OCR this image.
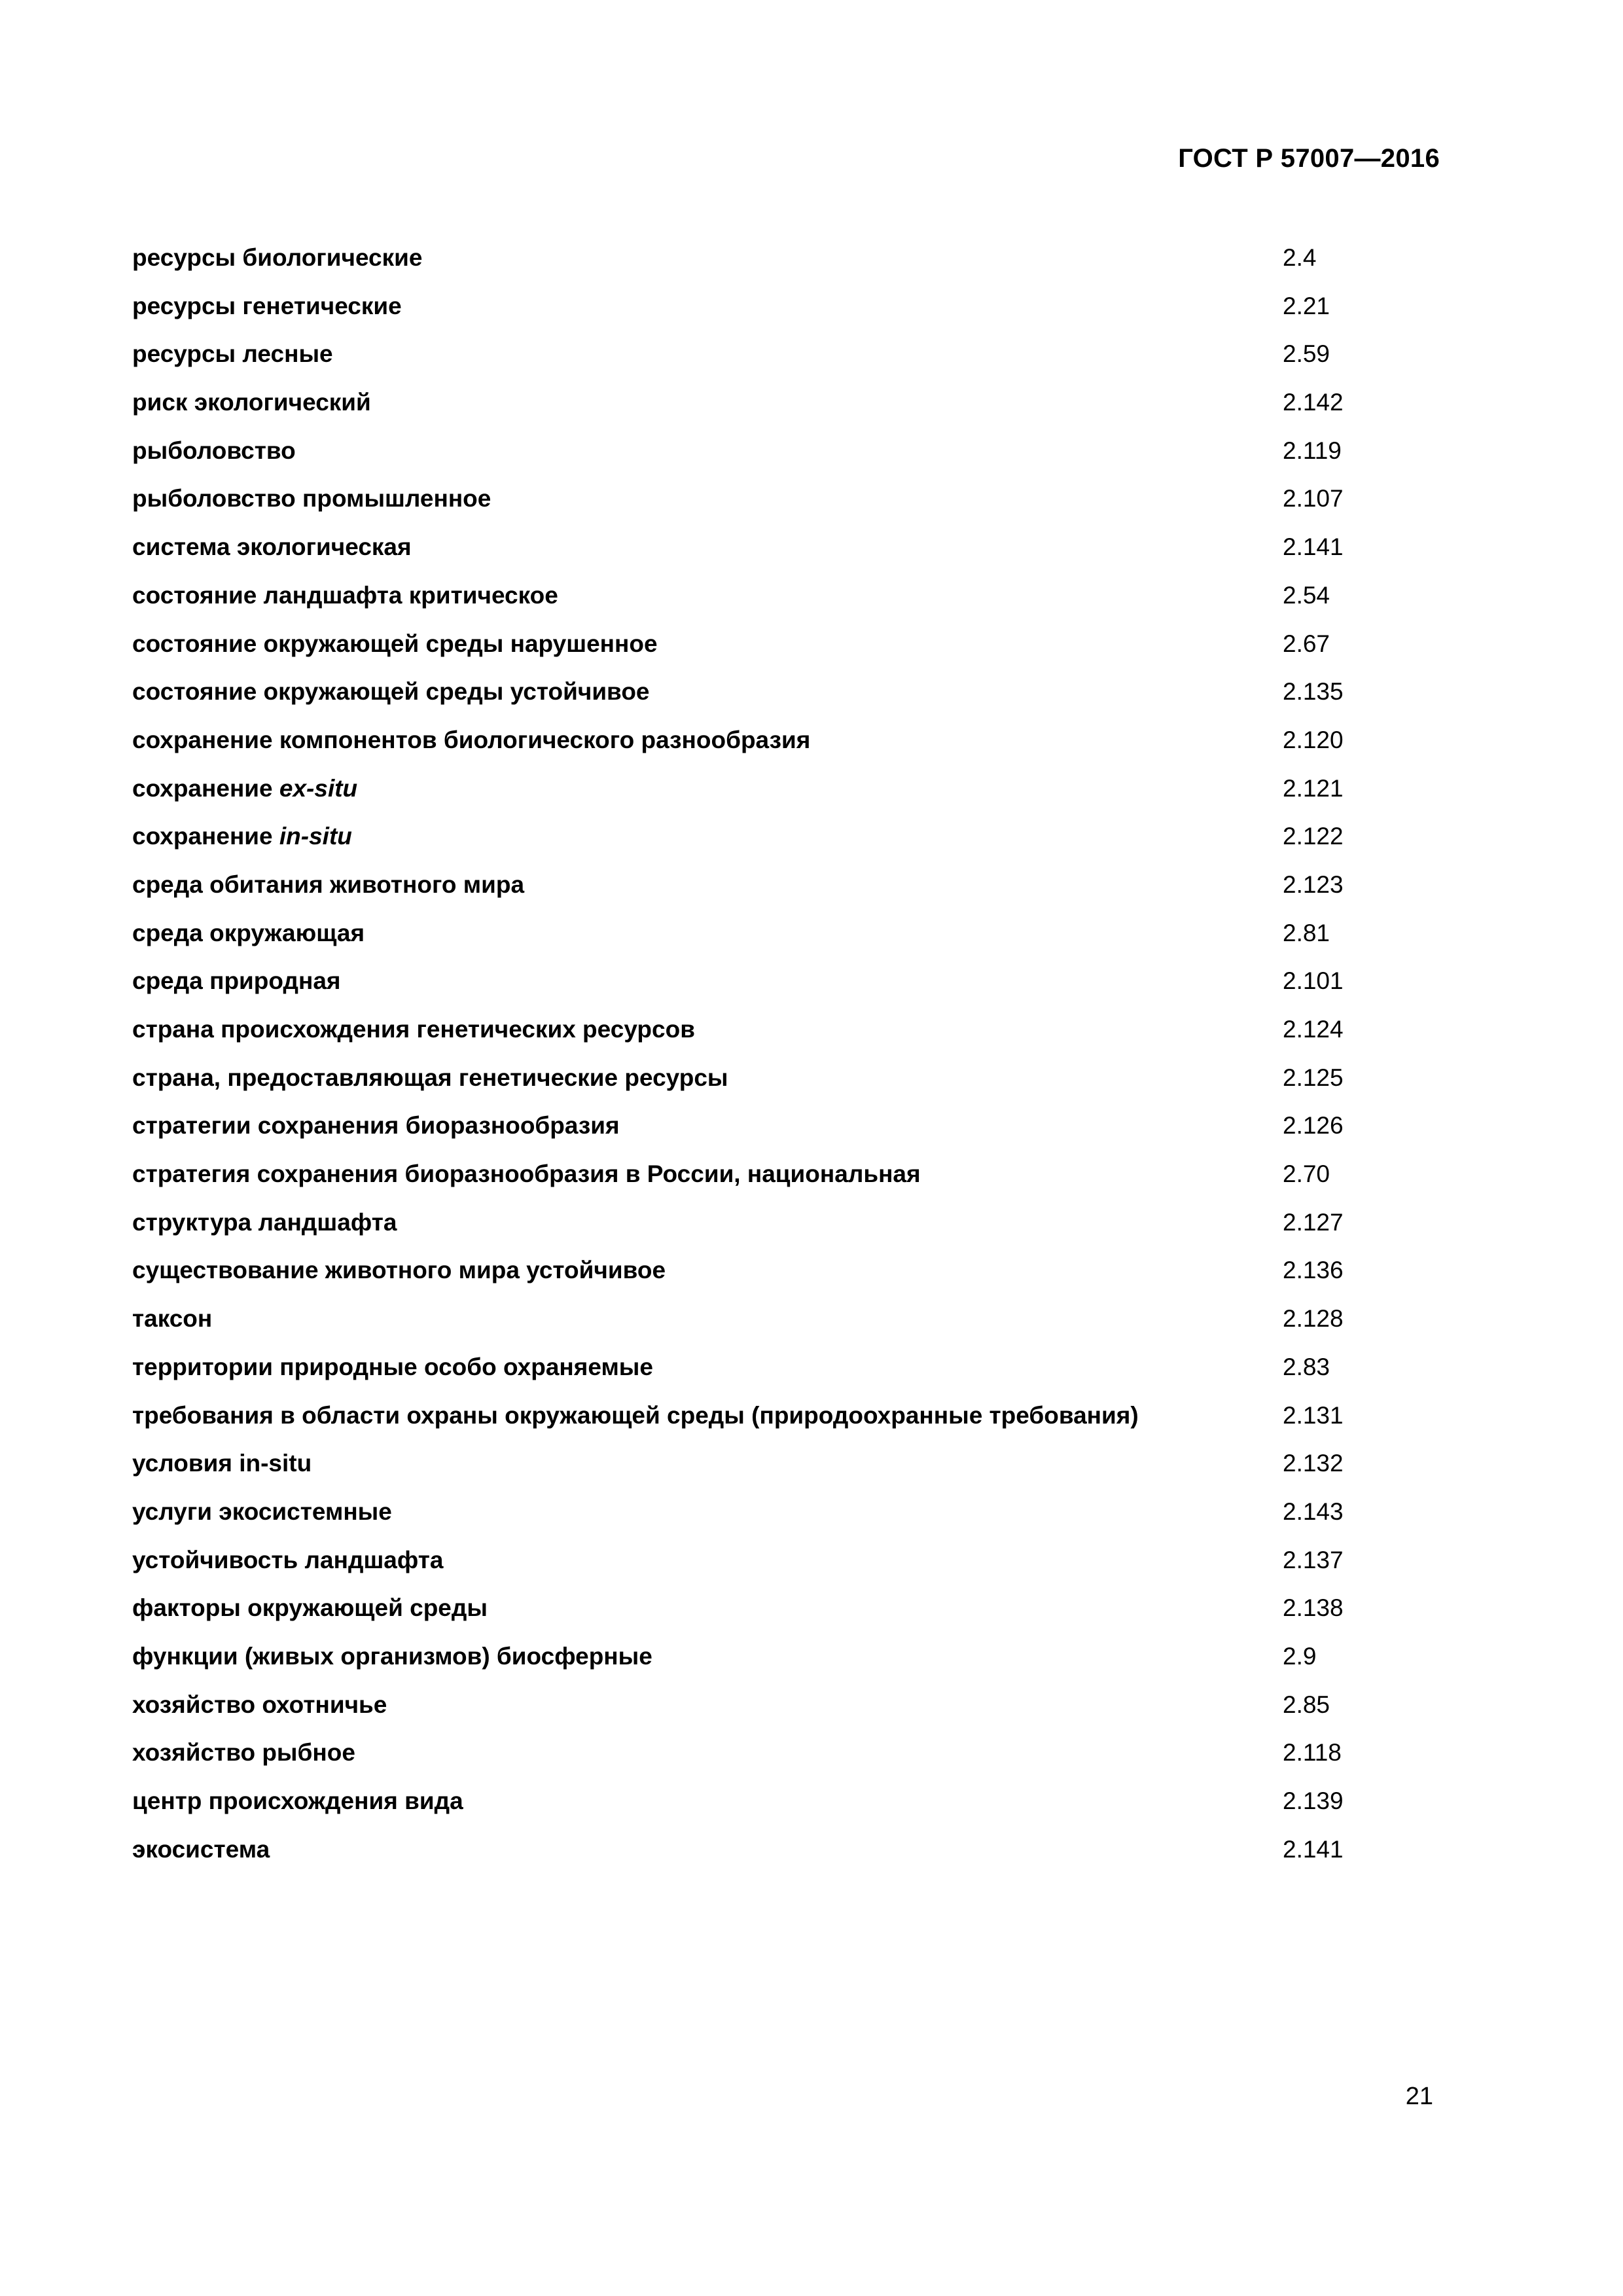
ГОСТ Р 57007—2016
ресурсы биологические	2.4
ресурсы генетические	2.21
ресурсы лесные	2.59
риск экологический	2.142
рыболовство	2.119
рыболовство промышленное	2.107
система экологическая	2.141
состояние ландшафта критическое	2.54
состояние окружающей среды нарушенное	2.67
состояние окружающей среды устойчивое	2.135
сохранение компонентов биологического разнообразия	2.120
сохранение ex-situ	2.121
сохранение in-situ	2.122
среда обитания животного мира	2.123
среда окружающая	2.81
среда природная	2.101
страна происхождения генетических ресурсов	2.124
страна, предоставляющая генетические ресурсы	2.125
стратегии сохранения биоразнообразия	2.126
стратегия сохранения биоразнообразия в России, национальная	2.70
структура ландшафта	2.127
существование животного мира устойчивое	2.136
таксон	2.128
территории природные особо охраняемые	2.83
требования в области охраны окружающей среды (природоохранные требования)	2.131
условия in-situ	2.132
услуги экосистемные	2.143
устойчивость ландшафта	2.137
факторы окружающей среды	2.138
функции (живых организмов) биосферные	2.9
хозяйство охотничье	2.85
хозяйство рыбное	2.118
центр происхождения вида	2.139
экосистема	2.141
21
